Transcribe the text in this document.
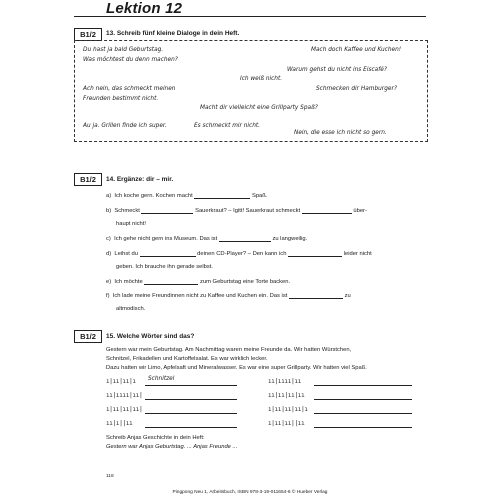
Lektion 12
B1/2	13. Schreib fünf kleine Dialoge in dein Heft.
Du hast ja bald Geburtstag.
Was möchtest du denn machen?
Mach doch Kaffee und Kuchen!
Warum gehst du nicht ins Eiscafé?
Ich weiß nicht.
Ach nein, das schmeckt meinen
Freunden bestimmt nicht.
Schmecken dir Hamburger?
Macht dir vielleicht eine Grillparty Spaß?
Au ja. Grillen finde ich super.	Es schmeckt mir nicht.
Nein, die esse ich nicht so gern.
B1/2	14. Ergänze: dir – mir.
a) Ich koche gern. Kochen macht	Spaß.
b) Schmeckt	Sauerkraut? – Igitt! Sauerkraut schmeckt	über-
haupt nicht!
c) Ich gehe nicht gern ins Museum. Das ist	zu langweilig.
d) Leihst du	deinen CD-Player? – Den kann ich	leider nicht
geben. Ich brauche ihn gerade selbst.
e) Ich möchte	zum Geburtstag eine Torte backen.
f) Ich lade meine Freundinnen nicht zu Kaffee und Kuchen ein. Das ist	zu
altmodisch.
B1/2	15. Welche Wörter sind das?
Gestern war mein Geburtstag. Am Nachmittag waren meine Freunde da. Wir hatten Würstchen,
Schnitzel, Frikadellen und Kartoffelsalat. Es war wirklich lecker.
Dazu hatten wir Limo, Apfelsaft und Mineralwasser. Es war eine super Grillparty. Wir hatten viel Spaß.
ı|ıı|ıı|ı Schnitzel	ıı|ıııı|ıı
ıı|ıııı|ıı|	ıı|ıı|ıı|ıı
ı|ıı|ıı|ıı|	ı|ıı|ıı|ıı|ı
ıı|ı||ıı	ı|ıı|ıı||ıı
Schreib Anjas Geschichte in dein Heft:
Gestern war Anjas Geburtstag. ... Anjas Freunde ...
118
Pingpong Neu 1, Arbeitsbuch, ISBN 978-3-19-011654-6 © Hueber Verlag
